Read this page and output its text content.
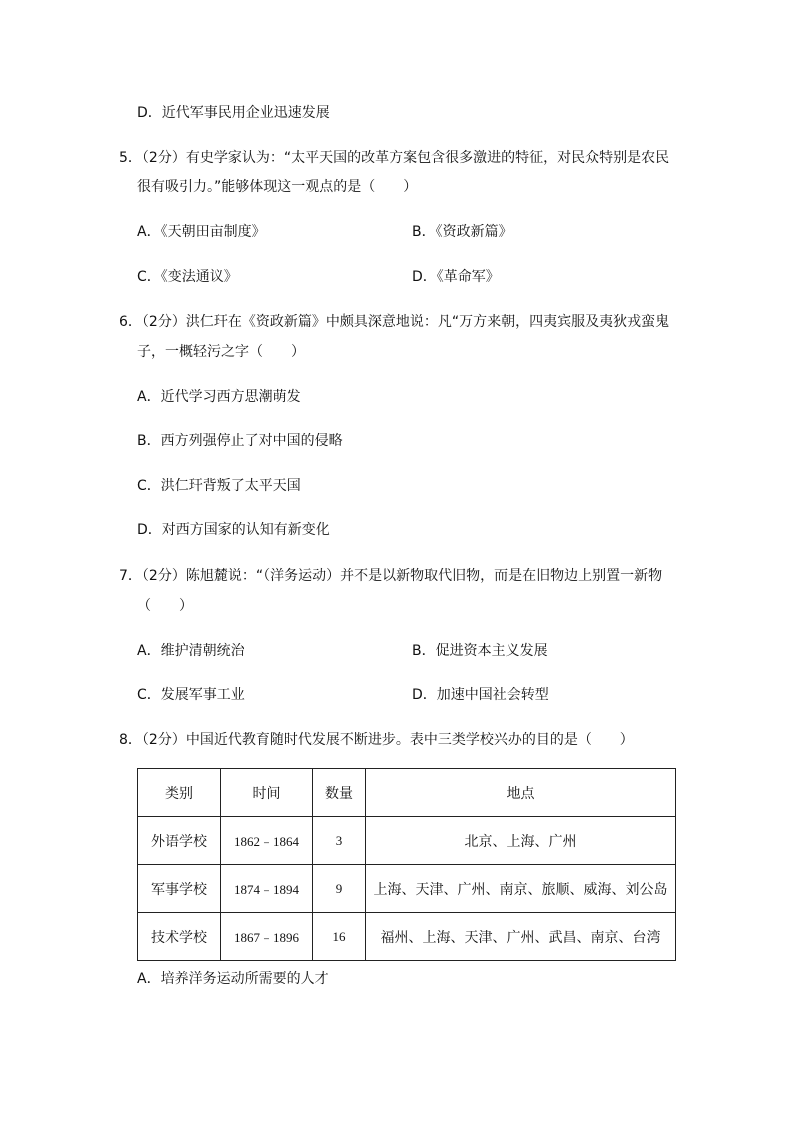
D．近代军事民用企业迅速发展
5．（2分）有史学家认为：“太平天国的改革方案包含很多激进的特征，对民众特别是农民
很有吸引力。”能够体现这一观点的是（　　）
A．《天朝田亩制度》	B．《资政新篇》
C．《变法通议》	D．《革命军》
6．（2分）洪仁玕在《资政新篇》中颇具深意地说：凡“万方来朝，四夷宾服及夷狄戎蛮鬼
子，一概轻污之字（　　）
A．近代学习西方思潮萌发
B．西方列强停止了对中国的侵略
C．洪仁玕背叛了太平天国
D．对西方国家的认知有新变化
7．（2分）陈旭麓说：“（洋务运动）并不是以新物取代旧物，而是在旧物边上别置一新物
（　　）
A．维护清朝统治	B．促进资本主义发展
C．发展军事工业	D．加速中国社会转型
8．（2分）中国近代教育随时代发展不断进步。表中三类学校兴办的目的是（　　）
类别	时间	数量	地点
外语学校	1862﹣1864	3	北京、上海、广州
军事学校	1874﹣1894	9	上海、天津、广州、南京、旅顺、威海、刘公岛
技术学校	1867﹣1896	16	福州、上海、天津、广州、武昌、南京、台湾
A．培养洋务运动所需要的人才
